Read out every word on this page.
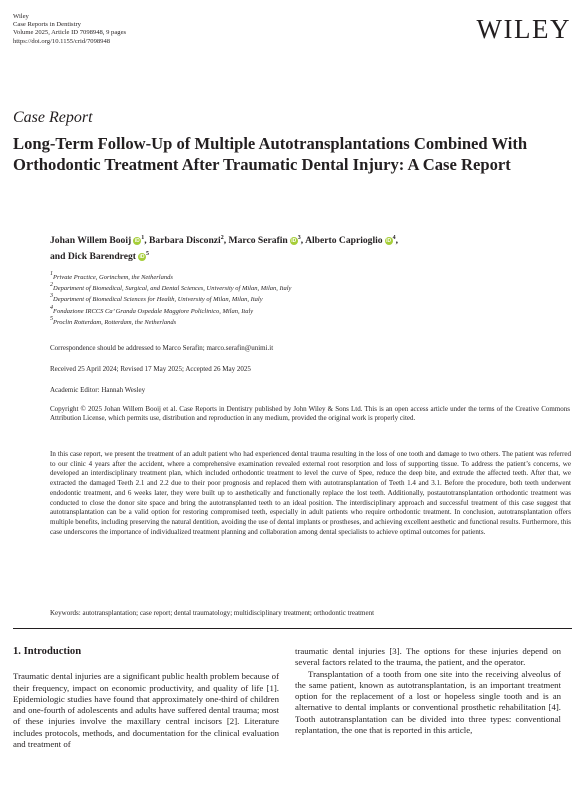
Wiley
Case Reports in Dentistry
Volume 2025, Article ID 7098948, 9 pages
https://doi.org/10.1155/crid/7098948	WILEY
Case Report
Long-Term Follow-Up of Multiple Autotransplantations Combined With Orthodontic Treatment After Traumatic Dental Injury: A Case Report
Johan Willem Booij iD $^1$, Barbara Disconzi$^2$, Marco Serafin iD $^3$, Alberto Caprioglio iD $^4$,
and Dick Barendregt iD $^5$
$^1$Private Practice, Gorinchem, the Netherlands
$^2$Department of Biomedical, Surgical, and Dental Sciences, University of Milan, Milan, Italy
$^3$Department of Biomedical Sciences for Health, University of Milan, Milan, Italy
$^4$Fondazione IRCCS Ca’ Granda Ospedale Maggiore Policlinico, Milan, Italy
$^5$Proclin Rotterdam, Rotterdam, the Netherlands
Correspondence should be addressed to Marco Serafin; marco.serafin@unimi.it
Received 25 April 2024; Revised 17 May 2025; Accepted 26 May 2025
Academic Editor: Hannah Wesley
Copyright © 2025 Johan Willem Booij et al. Case Reports in Dentistry published by John Wiley & Sons Ltd. This is an open access article under the terms of the Creative Commons Attribution License, which permits use, distribution and reproduction in any medium, provided the original work is properly cited.
In this case report, we present the treatment of an adult patient who had experienced dental trauma resulting in the loss of one tooth and damage to two others. The patient was referred to our clinic 4 years after the accident, where a comprehensive examination revealed external root resorption and loss of supporting tissue. To address the patient’s concerns, we developed an interdisciplinary treatment plan, which included orthodontic treatment to level the curve of Spee, reduce the deep bite, and extrude the affected teeth. After that, we extracted the damaged Teeth 2.1 and 2.2 due to their poor prognosis and replaced them with autotransplantation of Teeth 1.4 and 3.1. Before the procedure, both teeth underwent endodontic treatment, and 6 weeks later, they were built up to aesthetically and functionally replace the lost teeth. Additionally, postautotransplantation orthodontic treatment was conducted to close the donor site space and bring the autotransplanted teeth to an ideal position. The interdisciplinary approach and successful treatment of this case suggest that autotransplantation can be a valid option for restoring compromised teeth, especially in adult patients who require orthodontic treatment. In conclusion, autotransplantation offers multiple benefits, including preserving the natural dentition, avoiding the use of dental implants or prostheses, and achieving excellent aesthetic and functional results. Furthermore, this case underscores the importance of individualized treatment planning and collaboration among dental specialists to achieve optimal outcomes for patients.
Keywords: autotransplantation; case report; dental traumatology; multidisciplinary treatment; orthodontic treatment
1. Introduction

Traumatic dental injuries are a significant public health problem because of their frequency, impact on economic productivity, and quality of life [1]. Epidemiologic studies have found that approximately one-third of children and one-fourth of adolescents and adults have suffered dental trauma; most of these injuries involve the maxillary central incisors [2]. Literature includes protocols, methods, and documentation for the clinical evaluation and treatment of

traumatic dental injuries [3]. The options for these injuries depend on several factors related to the trauma, the patient, and the operator.

Transplantation of a tooth from one site into the receiving alveolus of the same patient, known as autotransplantation, is an important treatment option for the replacement of a lost or hopeless single tooth and is an alternative to dental implants or conventional prosthetic rehabilitation [4]. Tooth autotransplantation can be divided into three types: conventional replantation, the one that is reported in this article,
